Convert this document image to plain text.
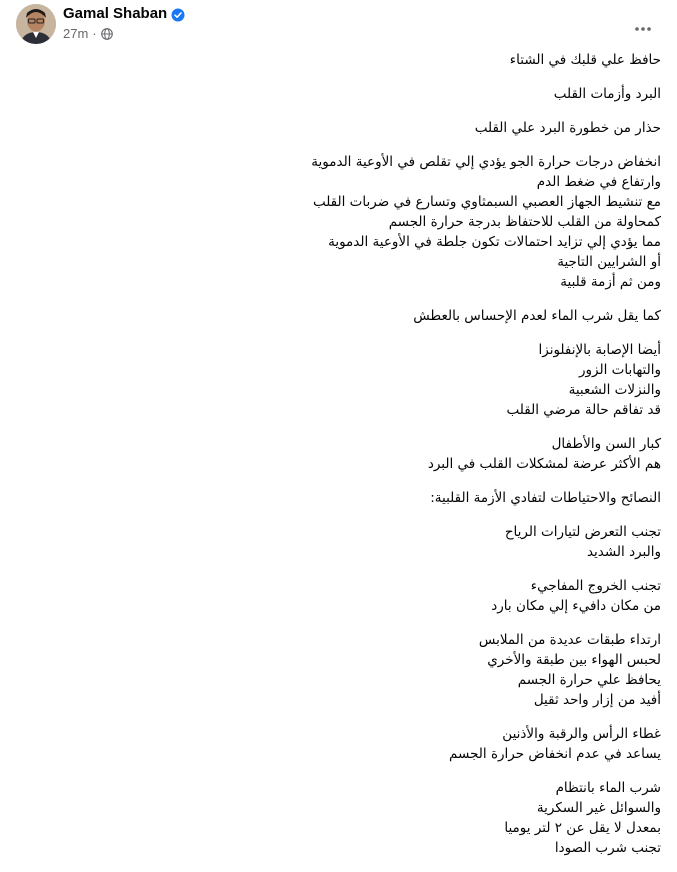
Gamal Shaban
27m ·
حافظ علي قلبك في الشتاء
البرد وأزمات القلب
حذار من خطورة البرد علي القلب
انخفاض درجات حرارة الجو يؤدي إلي تقلص في الأوعية الدموية
وارتفاع في ضغط الدم
مع تنشيط الجهاز العصبي السبمثاوي وتسارع في ضربات القلب
كمحاولة من القلب للاحتفاظ بدرجة حرارة الجسم
مما يؤدي إلي تزايد احتمالات تكون جلطة في الأوعية الدموية
أو الشرايين التاجية
ومن ثم أزمة قلبية
كما يقل شرب الماء لعدم الإحساس بالعطش
أيضا الإصابة بالإنفلونزا
والتهابات الزور
والنزلات الشعبية
قد تفاقم حالة مرضي القلب
كبار السن والأطفال
هم الأكثر عرضة لمشكلات القلب في البرد
النصائح والاحتياطات لتفادي الأزمة القلبية:
تجنب التعرض لتيارات الرياح
والبرد الشديد
تجنب الخروج المفاجيء
من مكان دافيء إلي مكان بارد
ارتداء طبقات عديدة من الملابس
لحبس الهواء بين طبقة والأخري
يحافظ علي حرارة الجسم
أفيد من إزار واحد ثقيل
غطاء الرأس والرقبة والأذنين
يساعد في عدم انخفاض حرارة الجسم
شرب الماء بانتظام
والسوائل غير السكرية
بمعدل لا يقل عن ٢ لتر يوميا
تجنب شرب الصودا
